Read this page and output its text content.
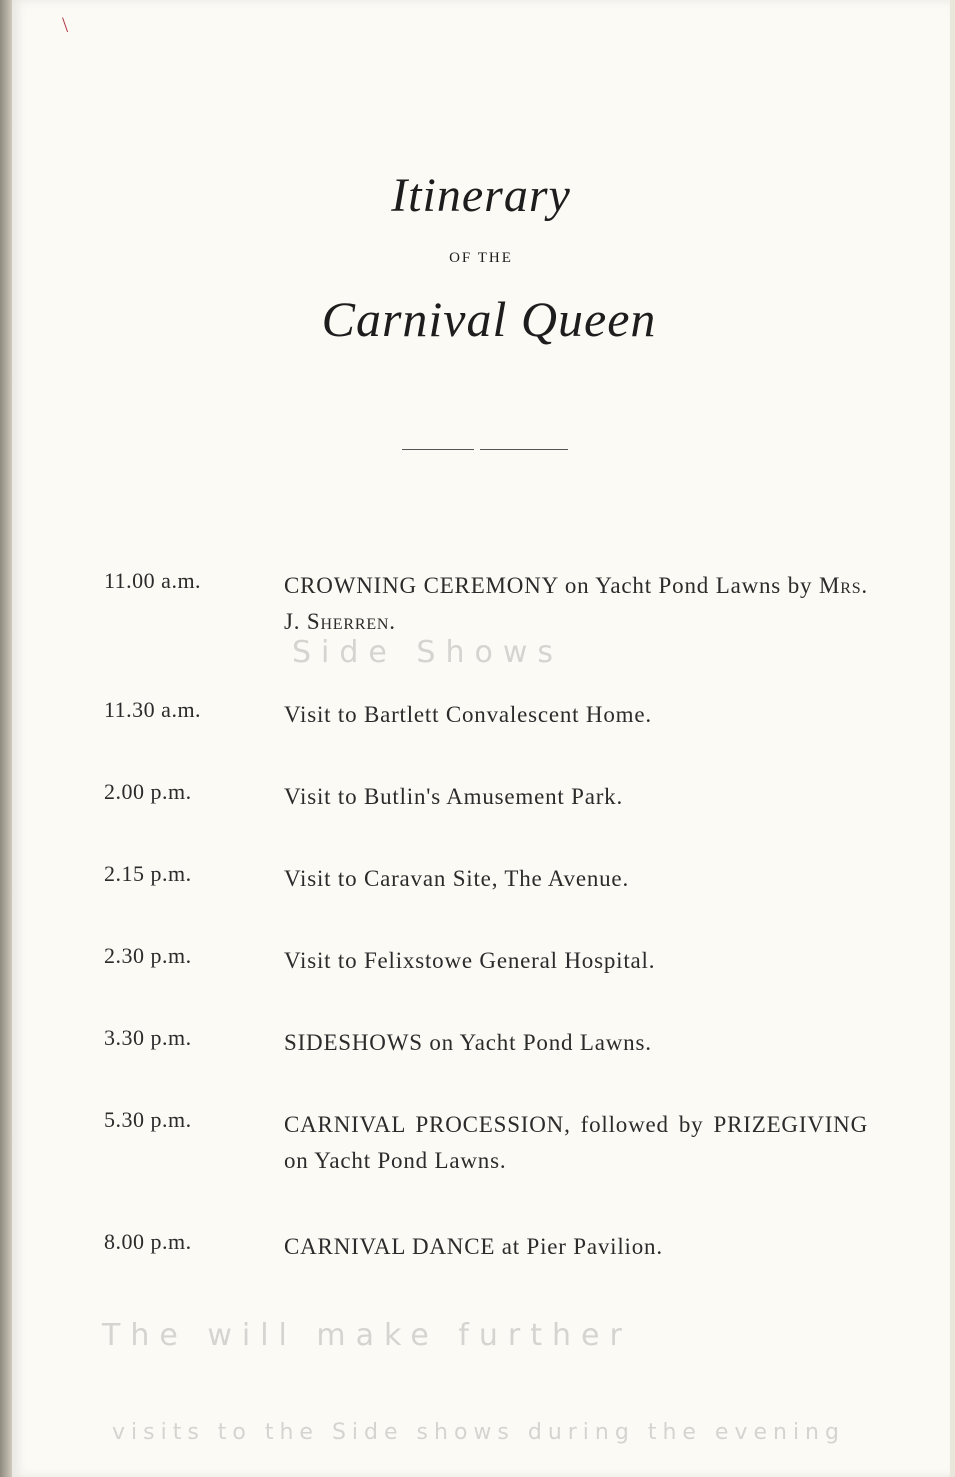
\
Itinerary
OF THE
Carnival Queen
11.00 a.m.	CROWNING CEREMONY on Yacht Pond Lawns by Mrs. J. Sherren.
11.30 a.m.	Visit to Bartlett Convalescent Home.
2.00 p.m.	Visit to Butlin's Amusement Park.
2.15 p.m.	Visit to Caravan Site, The Avenue.
2.30 p.m.	Visit to Felixstowe General Hospital.
3.30 p.m.	SIDESHOWS on Yacht Pond Lawns.
5.30 p.m.	CARNIVAL PROCESSION, followed by PRIZEGIVING on Yacht Pond Lawns.
8.00 p.m.	CARNIVAL DANCE at Pier Pavilion.
Side Shows
The will make further
visits to the Side shows during the evening
